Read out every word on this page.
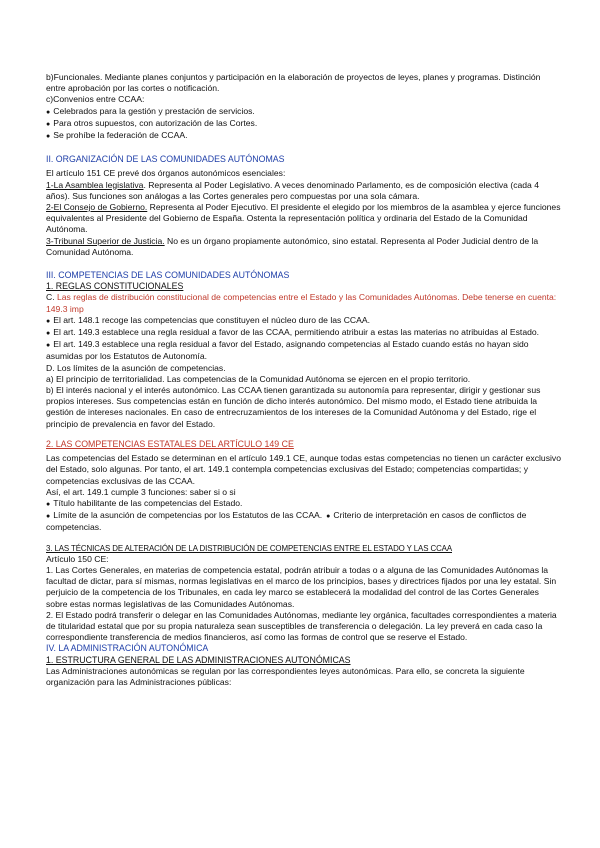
b)Funcionales. Mediante planes conjuntos y participación en la elaboración de proyectos de leyes, planes y programas. Distinción entre aprobación por las cortes o notificación.

c)Convenios entre CCAA:

● Celebrados para la gestión y prestación de servicios.

● Para otros supuestos, con autorización de las Cortes.

● Se prohíbe la federación de CCAA.

II. ORGANIZACIÓN DE LAS COMUNIDADES AUTÓNOMAS

El artículo 151 CE prevé dos órganos autonómicos esenciales:

1-La Asamblea legislativa. Representa al Poder Legislativo. A veces denominado Parlamento, es de composición electiva (cada 4 años). Sus funciones son análogas a las Cortes generales pero compuestas por una sola cámara.

2-El Consejo de Gobierno. Representa al Poder Ejecutivo. El presidente el elegido por los miembros de la asamblea y ejerce funciones equivalentes al Presidente del Gobierno de España. Ostenta la representación política y ordinaria del Estado de la Comunidad Autónoma.

3-Tribunal Superior de Justicia. No es un órgano propiamente autonómico, sino estatal. Representa al Poder Judicial dentro de la Comunidad Autónoma.

III. COMPETENCIAS DE LAS COMUNIDADES AUTÓNOMAS

1. REGLAS CONSTITUCIONALES

C. Las reglas de distribución constitucional de competencias entre el Estado y las Comunidades Autónomas. Debe tenerse en cuenta: 149.3 imp

● El art. 148.1 recoge las competencias que constituyen el núcleo duro de las CCAA.

● El art. 149.3 establece una regla residual a favor de las CCAA, permitiendo atribuir a estas las materias no atribuidas al Estado.

● El art. 149.3 establece una regla residual a favor del Estado, asignando competencias al Estado cuando estás no hayan sido asumidas por los Estatutos de Autonomía.

D. Los límites de la asunción de competencias.

a) El principio de territorialidad. Las competencias de la Comunidad Autónoma se ejercen en el propio territorio.

b) El interés nacional y el interés autonómico. Las CCAA tienen garantizada su autonomía para representar, dirigir y gestionar sus propios intereses. Sus competencias están en función de dicho interés autonómico. Del mismo modo, el Estado tiene atribuida la gestión de intereses nacionales. En caso de entrecruzamientos de los intereses de la Comunidad Autónoma y del Estado, rige el principio de prevalencia en favor del Estado.

2. LAS COMPETENCIAS ESTATALES DEL ARTÍCULO 149 CE

Las competencias del Estado se determinan en el artículo 149.1 CE, aunque todas estas competencias no tienen un carácter exclusivo del Estado, solo algunas. Por tanto, el art. 149.1 contempla competencias exclusivas del Estado; competencias compartidas; y competencias exclusivas de las CCAA.

Así, el art. 149.1 cumple 3 funciones: saber si o si

● Título habilitante de las competencias del Estado.

● Límite de la asunción de competencias por los Estatutos de las CCAA.● Criterio de interpretación en casos de conflictos de competencias.

3. LAS TÉCNICAS DE ALTERACIÓN DE LA DISTRIBUCIÓN DE COMPETENCIAS ENTRE EL ESTADO Y LAS CCAA

Artículo 150 CE:

1. Las Cortes Generales, en materias de competencia estatal, podrán atribuir a todas o a alguna de las Comunidades Autónomas la facultad de dictar, para sí mismas, normas legislativas en el marco de los principios, bases y directrices fijados por una ley estatal. Sin perjuicio de la competencia de los Tribunales, en cada ley marco se establecerá la modalidad del control de las Cortes Generales sobre estas normas legislativas de las Comunidades Autónomas.

2. El Estado podrá transferir o delegar en las Comunidades Autónomas, mediante ley orgánica, facultades correspondientes a materia de titularidad estatal que por su propia naturaleza sean susceptibles de transferencia o delegación. La ley preverá en cada caso la correspondiente transferencia de medios financieros, así como las formas de control que se reserve el Estado.

IV. LA ADMINISTRACIÓN AUTONÓMICA

1. ESTRUCTURA GENERAL DE LAS ADMINISTRACIONES AUTONÓMICAS

Las Administraciones autonómicas se regulan por las correspondientes leyes autonómicas. Para ello, se concreta la siguiente organización para las Administraciones públicas:
